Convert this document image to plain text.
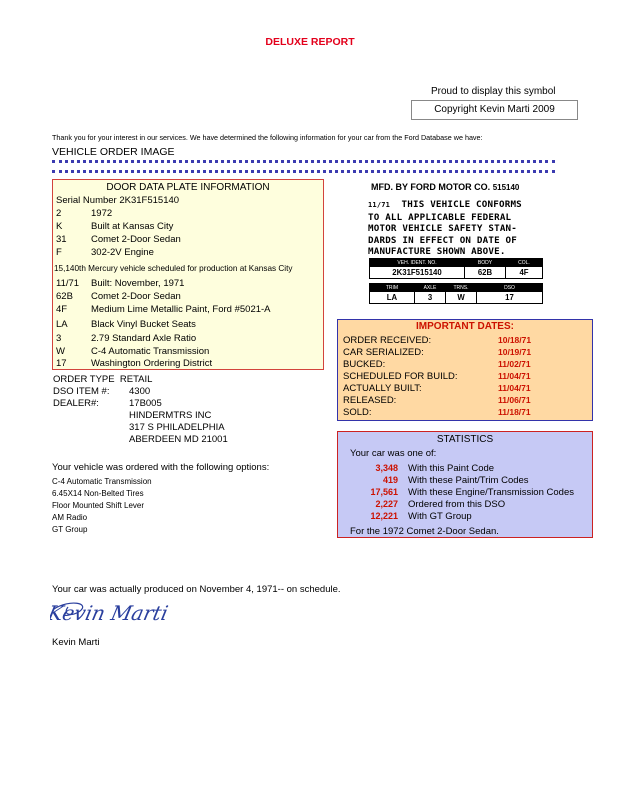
DELUXE REPORT
Proud to display this symbol
Copyright Kevin Marti 2009
Thank you for your interest in our services. We have determined the following information for your car from the Ford Database we have:
VEHICLE ORDER IMAGE
DOOR DATA PLATE INFORMATION
Serial Number 2K31F515140
2	1972
K	Built at Kansas City
31	Comet 2-Door Sedan
F	302-2V Engine
15,140th Mercury vehicle scheduled for production at Kansas City
11/71 Built: November, 1971
62B Comet 2-Door Sedan
4F	Medium Lime Metallic Paint, Ford #5021-A
LA Black Vinyl Bucket Seats
3	2.79 Standard Axle Ratio
W	C-4 Automatic Transmission
17	Washington Ordering District
MFD. BY FORD MOTOR CO. 515140
11/71 THIS VEHICLE CONFORMS
TO ALL APPLICABLE FEDERAL
MOTOR VEHICLE SAFETY STAN-
DARDS IN EFFECT ON DATE OF
MANUFACTURE SHOWN ABOVE.
VEH. IDENT. NO.	BODY	COL.
2K31F515140	62B	4F
TRIM	AXLE	TRNS.	DSO
LA	3	W	17
IMPORTANT DATES:
ORDER RECEIVED:	10/18/71
CAR SERIALIZED:	10/19/71
BUCKED:	11/02/71
SCHEDULED FOR BUILD:	11/04/71
ACTUALLY BUILT:	11/04/71
RELEASED:	11/06/71
SOLD:	11/18/71
STATISTICS
Your car was one of:
3,348 With this Paint Code
419 With these Paint/Trim Codes
17,561 With these Engine/Transmission Codes
2,227 Ordered from this DSO
12,221 With GT Group
For the 1972 Comet 2-Door Sedan.
ORDER TYPE RETAIL
DSO ITEM #: 4300
DEALER#:	17B005
HINDERMTRS INC
317 S PHILADELPHIA
ABERDEEN MD 21001
Your vehicle was ordered with the following options:
C-4 Automatic Transmission
6.45X14 Non-Belted Tires
Floor Mounted Shift Lever
AM Radio
GT Group
Your car was actually produced on November 4, 1971-- on schedule.
Kevin Marti
Kevin Marti
